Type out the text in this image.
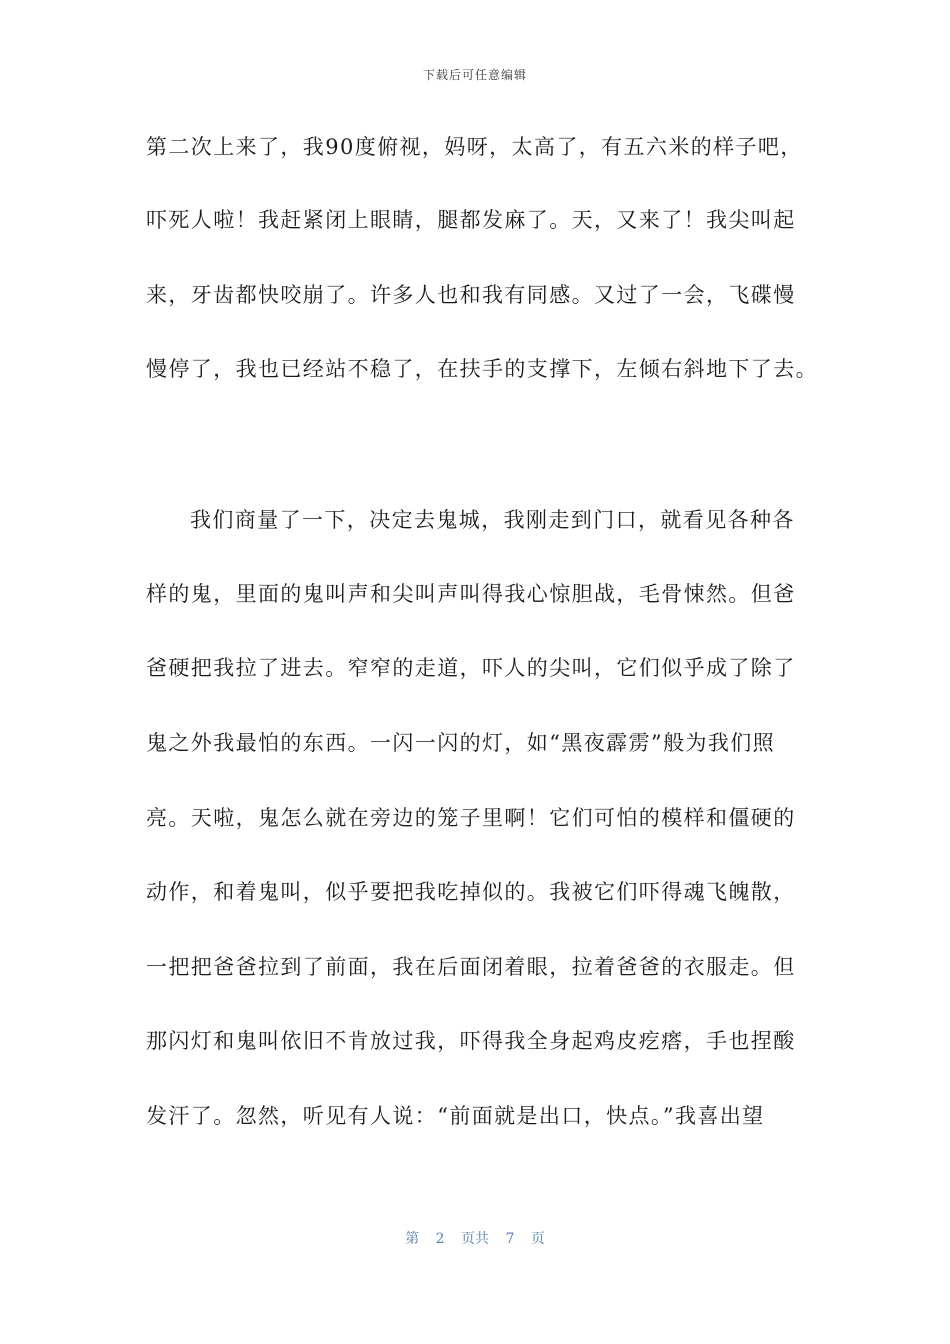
下载后可任意编辑
第二次上来了，我90度俯视，妈呀，太高了，有五六米的样子吧，
吓死人啦！我赶紧闭上眼睛，腿都发麻了。天，又来了！我尖叫起
来，牙齿都快咬崩了。许多人也和我有同感。又过了一会，飞碟慢
慢停了，我也已经站不稳了，在扶手的支撑下，左倾右斜地下了去。
我们商量了一下，决定去鬼城，我刚走到门口，就看见各种各
样的鬼，里面的鬼叫声和尖叫声叫得我心惊胆战，毛骨悚然。但爸
爸硬把我拉了进去。窄窄的走道，吓人的尖叫，它们似乎成了除了
鬼之外我最怕的东西。一闪一闪的灯，如“黑夜霹雳”般为我们照
亮。天啦，鬼怎么就在旁边的笼子里啊！它们可怕的模样和僵硬的
动作，和着鬼叫，似乎要把我吃掉似的。我被它们吓得魂飞魄散，
一把把爸爸拉到了前面，我在后面闭着眼，拉着爸爸的衣服走。但
那闪灯和鬼叫依旧不肯放过我，吓得我全身起鸡皮疙瘩，手也捏酸
发汗了。忽然，听见有人说：“前面就是出口，快点。”我喜出望
第 2 页共 7 页
